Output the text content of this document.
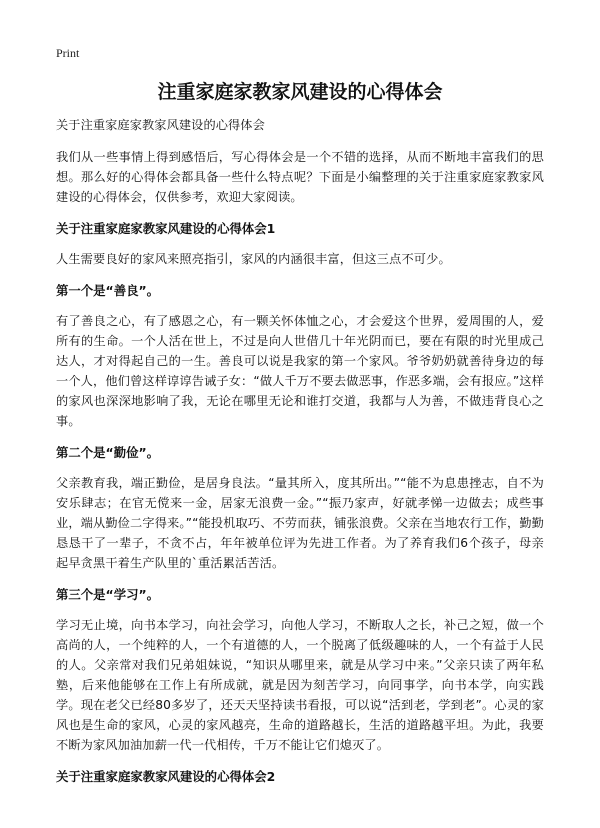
Print
注重家庭家教家风建设的心得体会
关于注重家庭家教家风建设的心得体会
我们从一些事情上得到感悟后，写心得体会是一个不错的选择，从而不断地丰富我们的思想。那么好的心得体会都具备一些什么特点呢？下面是小编整理的关于注重家庭家教家风建设的心得体会，仅供参考，欢迎大家阅读。
关于注重家庭家教家风建设的心得体会1
人生需要良好的家风来照亮指引，家风的内涵很丰富，但这三点不可少。
第一个是“善良”。
有了善良之心，有了感恩之心，有一颗关怀体恤之心，才会爱这个世界，爱周围的人，爱所有的生命。一个人活在世上，不过是向人世借几十年光阴而已，要在有限的时光里成己达人，才对得起自己的一生。善良可以说是我家的第一个家风。爷爷奶奶就善待身边的每一个人，他们曾这样谆谆告诫子女：“做人千万不要去做恶事，作恶多端，会有报应。”这样的家风也深深地影响了我，无论在哪里无论和谁打交道，我都与人为善，不做违背良心之事。
第二个是“勤俭”。
父亲教育我，端正勤俭，是居身良法。“量其所入，度其所出。”“能不为息患挫志，自不为安乐肆志；在官无傥来一金，居家无浪费一金。”“振乃家声，好就孝悌一边做去；成些事业，端从勤俭二字得来。”“能投机取巧、不劳而获，铺张浪费。父亲在当地农行工作，勤勤恳恳干了一辈子，不贪不占，年年被单位评为先进工作者。为了养育我们6个孩子，母亲起早贪黑干着生产队里的`重活累活苦活。
第三个是“学习”。
学习无止境，向书本学习，向社会学习，向他人学习，不断取人之长，补己之短，做一个高尚的人，一个纯粹的人，一个有道德的人，一个脱离了低级趣味的人，一个有益于人民的人。父亲常对我们兄弟姐妹说，“知识从哪里来，就是从学习中来。”父亲只读了两年私塾，后来他能够在工作上有所成就，就是因为刻苦学习，向同事学，向书本学，向实践学。现在老父已经80多岁了，还天天坚持读书看报，可以说“活到老，学到老”。心灵的家风也是生命的家风，心灵的家风越亮，生命的道路越长，生活的道路越平坦。为此，我要不断为家风加油加薪一代一代相传，千万不能让它们熄灭了。
关于注重家庭家教家风建设的心得体会2
